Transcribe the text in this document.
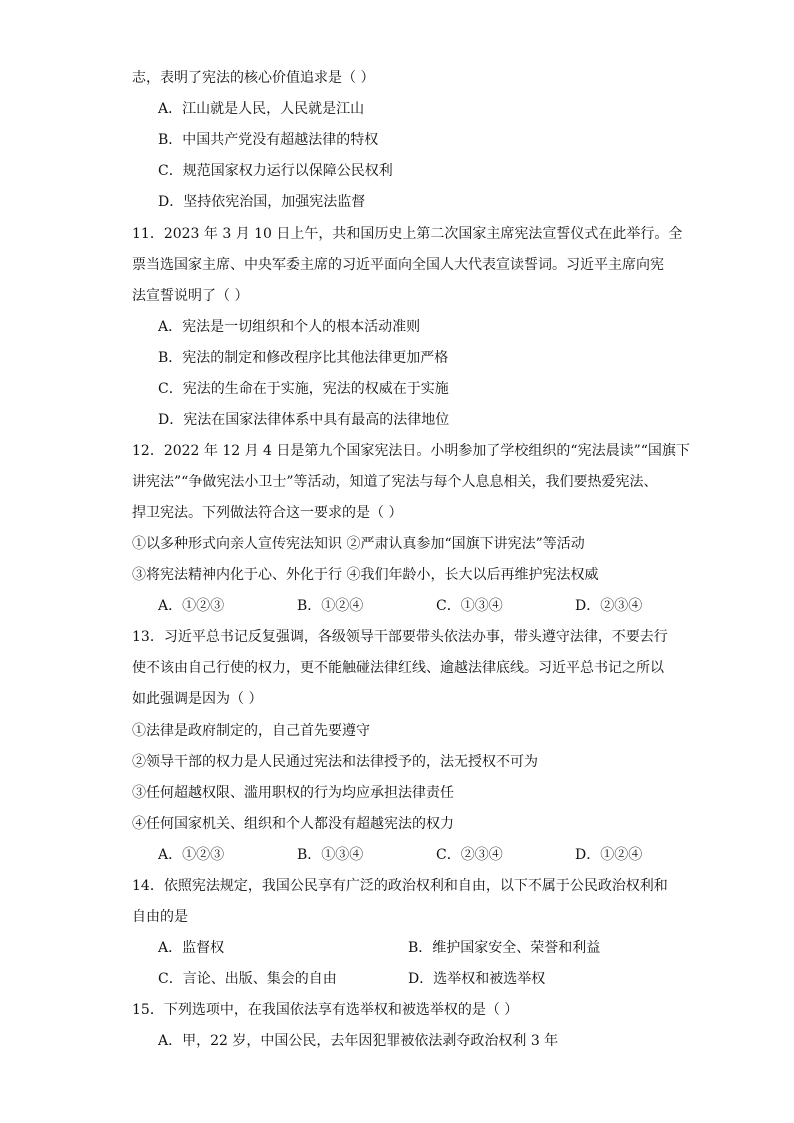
志，表明了宪法的核心价值追求是（ ）
A．江山就是人民，人民就是江山
B．中国共产党没有超越法律的特权
C．规范国家权力运行以保障公民权利
D．坚持依宪治国，加强宪法监督
11．2023 年 3 月 10 日上午，共和国历史上第二次国家主席宪法宣誓仪式在此举行。全
票当选国家主席、中央军委主席的习近平面向全国人大代表宣读誓词。习近平主席向宪
法宣誓说明了（ ）
A．宪法是一切组织和个人的根本活动准则
B．宪法的制定和修改程序比其他法律更加严格
C．宪法的生命在于实施，宪法的权威在于实施
D．宪法在国家法律体系中具有最高的法律地位
12．2022 年 12 月 4 日是第九个国家宪法日。小明参加了学校组织的“宪法晨读”“国旗下
讲宪法”“争做宪法小卫士”等活动，知道了宪法与每个人息息相关，我们要热爱宪法、
捍卫宪法。下列做法符合这一要求的是（ ）
①以多种形式向亲人宣传宪法知识 ②严肃认真参加“国旗下讲宪法”等活动
③将宪法精神内化于心、外化于行 ④我们年龄小，长大以后再维护宪法权威
A．①②③	B．①②④	C．①③④	D．②③④
13．习近平总书记反复强调，各级领导干部要带头依法办事，带头遵守法律，不要去行
使不该由自己行使的权力，更不能触碰法律红线、逾越法律底线。习近平总书记之所以
如此强调是因为（ ）
①法律是政府制定的，自己首先要遵守
②领导干部的权力是人民通过宪法和法律授予的，法无授权不可为
③任何超越权限、滥用职权的行为均应承担法律责任
④任何国家机关、组织和个人都没有超越宪法的权力
A．①②③	B．①③④	C．②③④	D．①②④
14．依照宪法规定，我国公民享有广泛的政治权利和自由，以下不属于公民政治权利和
自由的是
A．监督权	B．维护国家安全、荣誉和利益
C．言论、出版、集会的自由	D．选举权和被选举权
15．下列选项中，在我国依法享有选举权和被选举权的是（ ）
A．甲，22 岁，中国公民，去年因犯罪被依法剥夺政治权利 3 年
